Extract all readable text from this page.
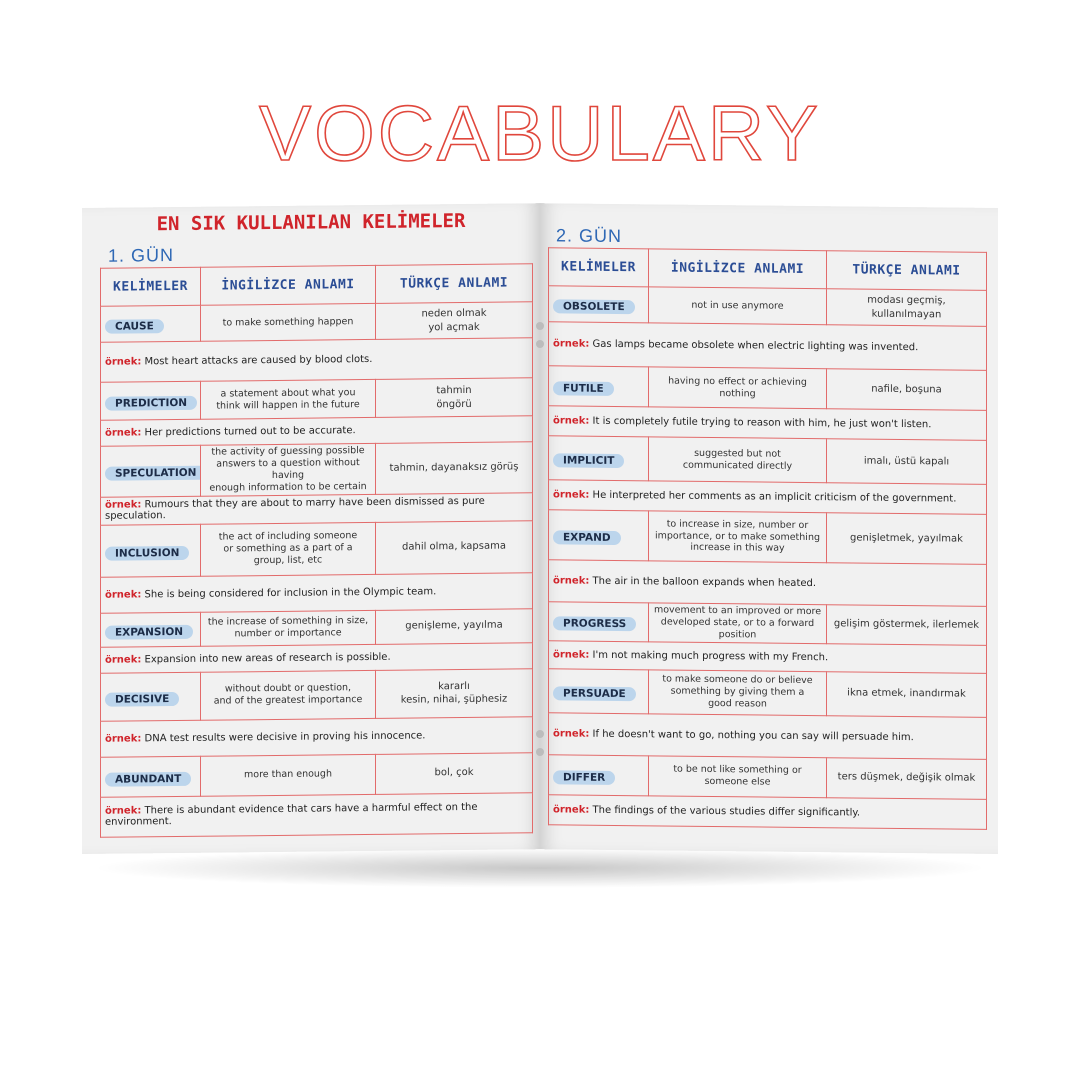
VOCABULARY
EN SIK KULLANILAN KELİMELER
1. GÜN
KELİMELER	İNGİLİZCE ANLAMI	TÜRKÇE ANLAMI
CAUSE	to make something happen	neden olmak
yol açmak
örnek: Most heart attacks are caused by blood clots.		
PREDICTION	a statement about what you
think will happen in the future	tahmin
öngörü
örnek: Her predictions turned out to be accurate.		
SPECULATION	the activity of guessing possible
answers to a question without having
enough information to be certain	tahmin, dayanaksız görüş
örnek: Rumours that they are about to marry have been dismissed as pure speculation.		
INCLUSION	the act of including someone
or something as a part of a
group, list, etc	dahil olma, kapsama
örnek: She is being considered for inclusion in the Olympic team.		
EXPANSION	the increase of something in size,
number or importance	genişleme, yayılma
örnek: Expansion into new areas of research is possible.		
DECISIVE	without doubt or question,
and of the greatest importance	kararlı
kesin, nihai, şüphesiz
örnek: DNA test results were decisive in proving his innocence.		
ABUNDANT	more than enough	bol, çok
örnek: There is abundant evidence that cars have a harmful effect on the environment.		
2. GÜN
KELİMELER	İNGİLİZCE ANLAMI	TÜRKÇE ANLAMI
OBSOLETE	not in use anymore	modası geçmiş,
kullanılmayan
örnek: Gas lamps became obsolete when electric lighting was invented.		
FUTILE	having no effect or achieving
nothing	nafile, boşuna
örnek: It is completely futile trying to reason with him, he just won't listen.		
IMPLICIT	suggested but not
communicated directly	imalı, üstü kapalı
örnek: He interpreted her comments as an implicit criticism of the government.		
EXPAND	to increase in size, number or
importance, or to make something
increase in this way	genişletmek, yayılmak
örnek: The air in the balloon expands when heated.		
PROGRESS	movement to an improved or more
developed state, or to a forward
position	gelişim göstermek, ilerlemek
örnek: I'm not making much progress with my French.		
PERSUADE	to make someone do or believe
something by giving them a
good reason	ikna etmek, inandırmak
örnek: If he doesn't want to go, nothing you can say will persuade him.		
DIFFER	to be not like something or
someone else	ters düşmek, değişik olmak
örnek: The findings of the various studies differ significantly.		
